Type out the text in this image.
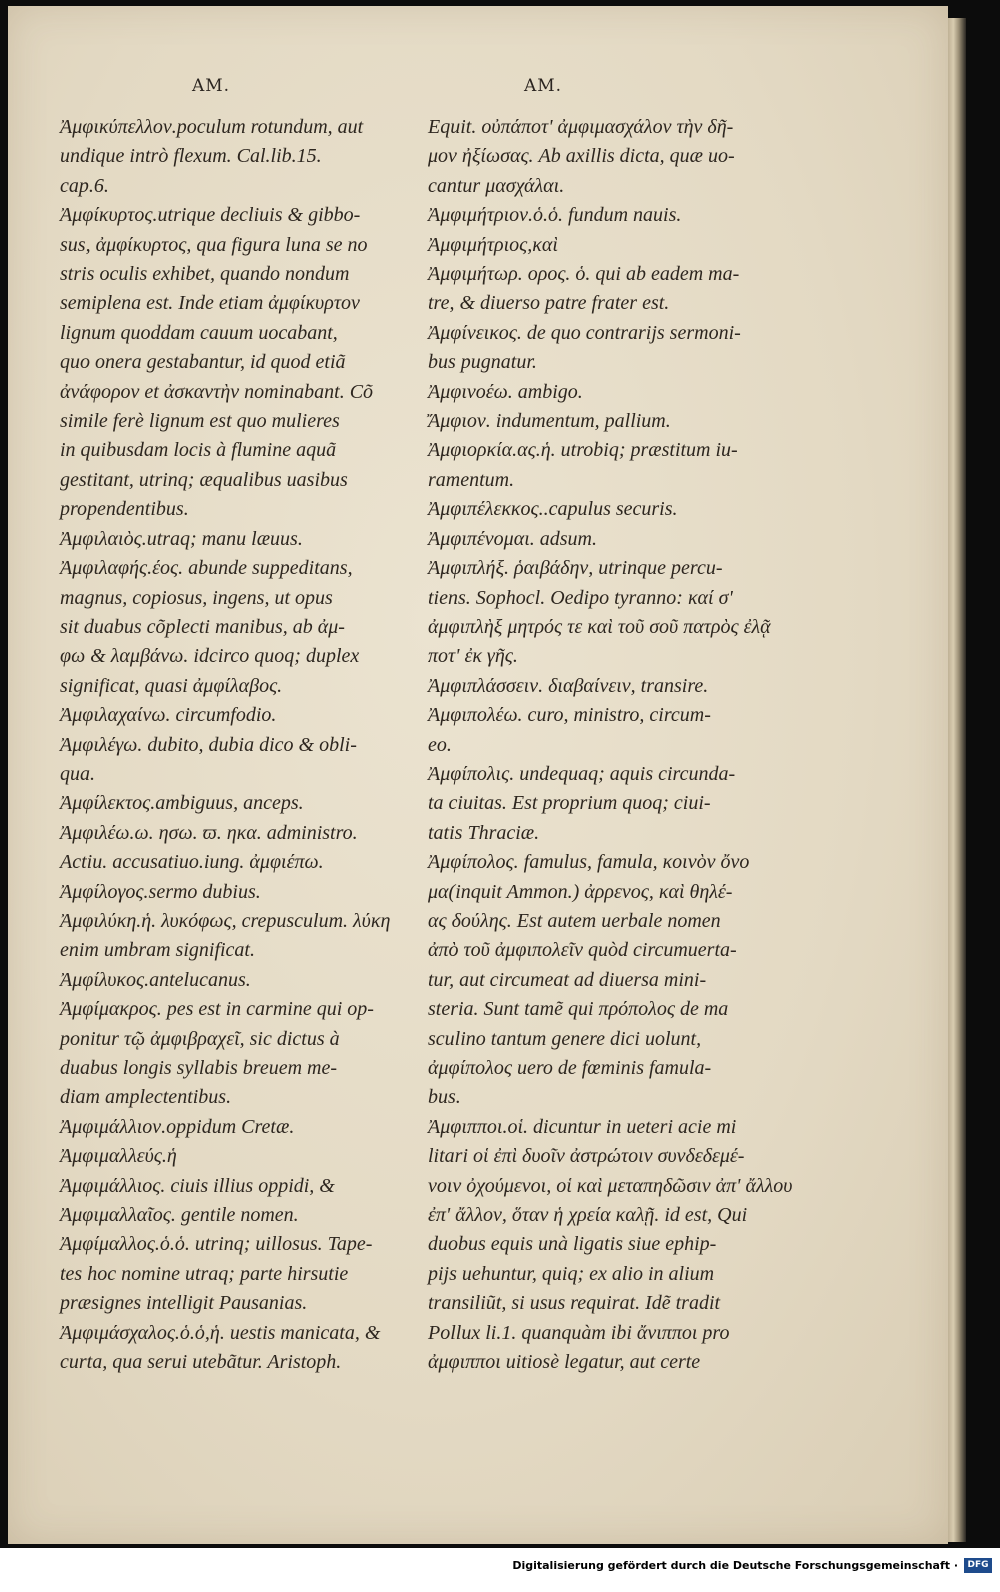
AM.	AM.

Ἀμφικύπελλον.poculum rotundum, aut
undique intrò flexum. Cal.lib.15.
cap.6.

Ἀμφίκυρτος.utrique decliuis & gibbo-
sus, ἀμφίκυρτος, qua figura luna se no
stris oculis exhibet, quando nondum
semiplena est. Inde etiam ἀμφίκυρτον
lignum quoddam cauum uocabant,
quo onera gestabantur, id quod etiã
ἀνάφορον et ἀσκαντὴν nominabant. Cõ
simile ferè lignum est quo mulieres
in quibusdam locis à flumine aquã
gestitant, utrinq; æqualibus uasibus
propendentibus.

Ἀμφιλαιὸς.utraq; manu læuus.

Ἀμφιλαφής.έος. abunde suppeditans,
magnus, copiosus, ingens, ut opus
sit duabus cõplecti manibus, ab ἀμ-
φω & λαμβάνω. idcirco quoq; duplex
significat, quasi ἀμφίλαβος.

Ἀμφιλαχαίνω. circumfodio.

Ἀμφιλέγω. dubito, dubia dico & obli-
qua.

Ἀμφίλεκτος.ambiguus, anceps.

Ἀμφιλέω.ω. ησω. ϖ. ηκα. administro.
Actiu. accusatiuo.iung. ἀμφιέπω.

Ἀμφίλογος.sermo dubius.

Ἀμφιλύκη.ἡ. λυκόφως, crepusculum. λύκη
enim umbram significat.

Ἀμφίλυκος.antelucanus.

Ἀμφίμακρος. pes est in carmine qui op-
ponitur τῷ ἀμφιβραχεῖ, sic dictus à
duabus longis syllabis breuem me-
diam amplectentibus.

Ἀμφιμάλλιον.oppidum Cretæ.

Ἀμφιμαλλεύς.ἡ

Ἀμφιμάλλιος. ciuis illius oppidi, &

Ἀμφιμαλλαῖος. gentile nomen.

Ἀμφίμαλλος.ὁ.ὁ. utrinq; uillosus. Tape-
tes hoc nomine utraq; parte hirsutie
præsignes intelligit Pausanias.

Ἀμφιμάσχαλος.ὁ.ὁ,ἡ. uestis manicata, &
curta, qua serui utebãtur. Aristoph.

Equit. οὐπάποτ' ἀμφιμασχάλον τὴν δῆ-
μον ἠξίωσας. Ab axillis dicta, quæ uo-
cantur μασχάλαι.

Ἀμφιμήτριον.ὁ.ὁ. fundum nauis.

Ἀμφιμήτριος,καὶ

Ἀμφιμήτωρ. ορος. ὁ. qui ab eadem ma-
tre, & diuerso patre frater est.

Ἀμφίνεικος. de quo contrarijs sermoni-
bus pugnatur.

Ἀμφινοέω. ambigo.

Ἄμφιον. indumentum, pallium.

Ἀμφιορκία.ας.ἡ. utrobiq; præstitum iu-
ramentum.

Ἀμφιπέλεκκος..capulus securis.

Ἀμφιπένομαι. adsum.

Ἀμφιπλήξ. ῥαιβάδην, utrinque percu-
tiens. Sophocl. Oedipo tyranno: καί σ'
ἀμφιπλὴξ μητρός τε καὶ τοῦ σοῦ πατρὸς ἐλᾷ
ποτ' ἐκ γῆς.

Ἀμφιπλάσσειν. διαβαίνειν, transire.

Ἀμφιπολέω. curo, ministro, circum-
eo.

Ἀμφίπολις. undequaq; aquis circunda-
ta ciuitas. Est proprium quoq; ciui-
tatis Thraciæ.

Ἀμφίπολος. famulus, famula, κοινὸν ὄνο
μα(inquit Ammon.) ἀρρενος, καὶ θηλέ-
ας δούλης. Est autem uerbale nomen
ἀπὸ τοῦ ἀμφιπολεῖν quòd circumuerta-
tur, aut circumeat ad diuersa mini-
steria. Sunt tamẽ qui πρόπολος de ma
sculino tantum genere dici uolunt,
ἀμφίπολος uero de fœminis famula-
bus.

Ἀμφιπποι.οἱ. dicuntur in ueteri acie mi
litari οἱ ἐπὶ δυοῖν ἀστρώτοιν συνδεδεμέ-
νοιν ὀχούμενοι, οἱ καὶ μεταπηδῶσιν ἀπ' ἄλλου
ἐπ' ἄλλον, ὅταν ἡ χρεία καλῇ. id est, Qui
duobus equis unà ligatis siue ephip-
pijs uehuntur, quiq; ex alio in alium
transiliũt, si usus requirat. Idẽ tradit
Pollux li.1. quanquàm ibi ἄνιπποι pro
ἀμφιπποι uitiosè legatur, aut certe

Digitalisierung gefördert durch die Deutsche Forschungsgemeinschaft ·	DFG
